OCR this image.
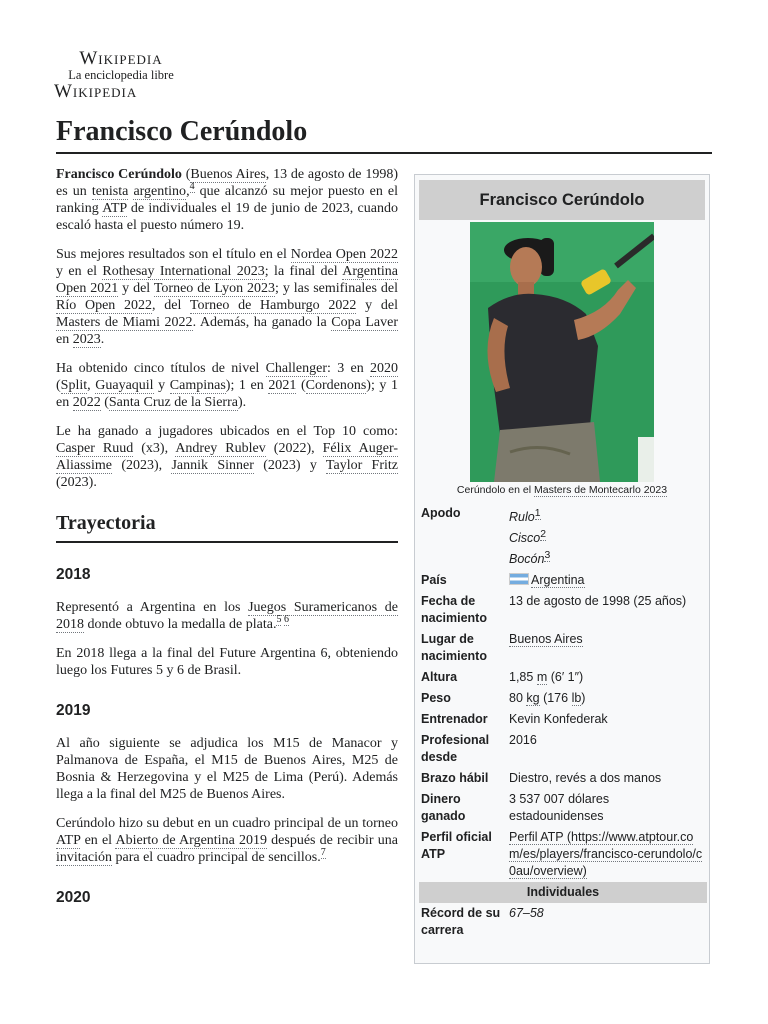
Wikipedia
La enciclopedia libre
Wikipedia
Francisco Cerúndolo

Francisco Cerúndolo (Buenos Aires, 13 de agosto de 1998) es un tenista argentino,$^4$ que alcanzó su mejor puesto en el ranking ATP de individuales el 19 de junio de 2023, cuando escaló hasta el puesto número 19.

Sus mejores resultados son el título en el Nordea Open 2022 y en el Rothesay International 2023; la final del Argentina Open 2021 y del Torneo de Lyon 2023; y las semifinales del Río Open 2022, del Torneo de Hamburgo 2022 y del Masters de Miami 2022. Además, ha ganado la Copa Laver en 2023.

Ha obtenido cinco títulos de nivel Challenger: 3 en 2020 (Split, Guayaquil y Campinas); 1 en 2021 (Cordenons); y 1 en 2022 (Santa Cruz de la Sierra).

Le ha ganado a jugadores ubicados en el Top 10 como: Casper Ruud (x3), Andrey Rublev (2022), Félix Auger-Aliassime (2023), Jannik Sinner (2023) y Taylor Fritz (2023).

Trayectoria
2018

Representó a Argentina en los Juegos Suramericanos de 2018 donde obtuvo la medalla de plata.$^{5 6}$

En 2018 llega a la final del Future Argentina 6, obteniendo luego los Futures 5 y 6 de Brasil.

2019

Al año siguiente se adjudica los M15 de Manacor y Palmanova de España, el M15 de Buenos Aires, M25 de Bosnia & Herzegovina y el M25 de Lima (Perú). Además llega a la final del M25 de Buenos Aires.

Cerúndolo hizo su debut en un cuadro principal de un torneo ATP en el Abierto de Argentina 2019 después de recibir una invitación para el cuadro principal de sencillos.$^7$

2020
Francisco Cerúndolo
Cerúndolo en el Masters de Montecarlo 2023
Apodo	Rulo$^1$
Cisco$^2$
Bocón$^3$
País	Argentina
Fecha de nacimiento	13 de agosto de 1998 (25 años)
Lugar de nacimiento	Buenos Aires
Altura	1,85 m (6′ 1″)
Peso	80 kg (176 lb)
Entrenador	Kevin Konfederak
Profesional desde	2016
Brazo hábil	Diestro, revés a dos manos
Dinero ganado	3 537 007 dólares estadounidenses
Perfil oficial ATP	Perfil ATP (https://www.atptour.com/es/players/francisco-cerundolo/c0au/overview)
Individuales	
Récord de su carrera	67–58
